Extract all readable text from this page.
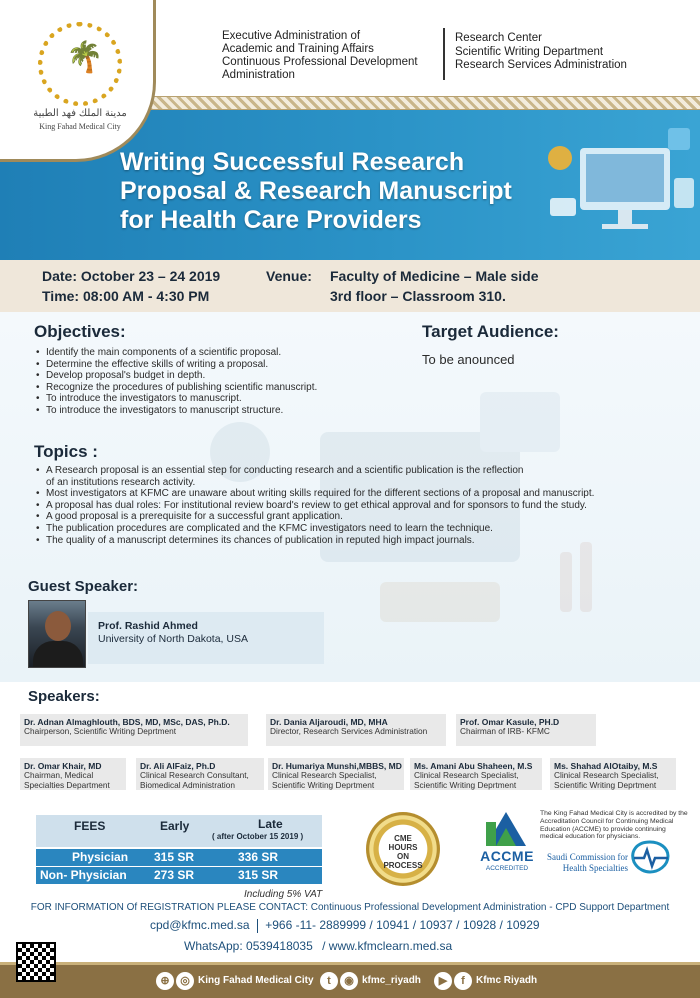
Executive Administration of
Academic and Training Affairs
Continuous Professional Development
Administration
Research Center
Scientific Writing Department
Research Services Administration
🌴
مدينة الملك فهد الطبية
King Fahad Medical City
Writing Successful Research
Proposal & Research Manuscript
for Health Care Providers
Date: October 23 – 24 2019
Time: 08:00 AM - 4:30 PM
Venue: Faculty of Medicine – Male side
3rd floor – Classroom 310.
Objectives:
• Identify the main components of a scientific proposal.
• Determine the effective skills of writing a proposal.
• Develop proposal's budget in depth.
• Recognize the procedures of publishing scientific manuscript.
• To introduce the investigators to manuscript.
• To introduce the investigators to manuscript structure.
Target Audience:
To be anounced
Topics :
• A Research proposal is an essential step for conducting research and a scientific publication is the reflection
of an institutions research activity.
• Most investigators at KFMC are unaware about writing skills required for the different sections of a proposal and manuscript.
• A proposal has dual roles: For institutional review board's review to get ethical approval and for sponsors to fund the study.
• A good proposal is a prerequisite for a successful grant application.
• The publication procedures are complicated and the KFMC investigators need to learn the technique.
• The quality of a manuscript determines its chances of publication in reputed high impact journals.
Guest Speaker:
Prof. Rashid Ahmed
University of North Dakota, USA
Speakers:
Dr. Adnan Almaghlouth, BDS, MD, MSc, DAS, Ph.D.
Chairperson, Scientific Writing Deprtment
Dr. Dania Aljaroudi, MD, MHA
Director, Research Services Administration
Prof. Omar Kasule, PH.D
Chairman of IRB- KFMC
Dr. Omar Khair, MD
Chairman, Medical
Specialties Department
Dr. Ali AlFaiz, Ph.D
Clinical Research Consultant,
Biomedical Administration
Dr. Humariya Munshi,MBBS, MD
Clinical Research Specialist,
Scientific Writing Deprtment
Ms. Amani Abu Shaheen, M.S
Clinical Research Specialist,
Scientific Writing Deprtment
Ms. Shahad AlOtaiby, M.S
Clinical Research Specialist,
Scientific Writing Deprtment
FEES	Early	Late
( after October 15 2019 )
Physician 315 SR	336 SR
Non- Physician 273 SR	315 SR
Including 5% VAT
CME
HOURS
ON
PROCESS
ACCME
ACCREDITED
The King Fahad Medical City is accredited by the Accreditation Council for Continuing Medical Education (ACCME) to provide continuing medical education for physicians.
Saudi Commission for Health Specialties
FOR INFORMATION Of REGISTRATION PLEASE CONTACT: Continuous Professional Development Administration - CPD Support Department
cpd@kfmc.med.sa +966 -11- 2889999 / 10941 / 10937 / 10928 / 10929
WhatsApp: 0539418035 / www.kfmclearn.med.sa
⊕ ◎ King Fahad Medical City	t	◉ kfmc_riyadh	▶	f	Kfmc Riyadh
